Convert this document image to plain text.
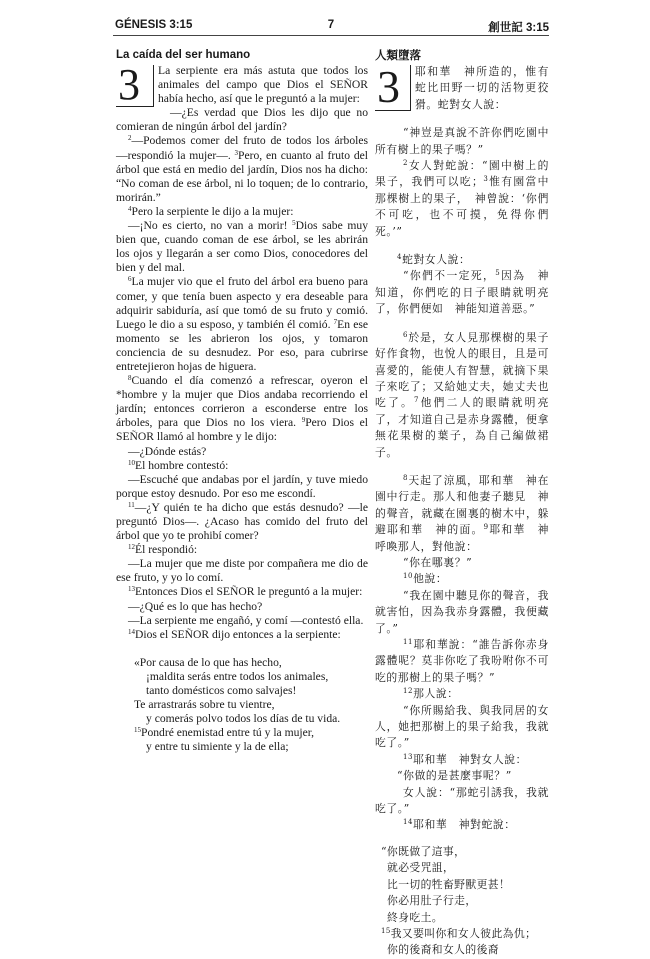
GÉNESIS 3:15	7	創世記 3:15
La caída del ser humano
3	La serpiente era más astuta que todos los animales del campo que Dios el SEÑOR había hecho, así que le preguntó a la mujer:

—¿Es verdad que Dios les dijo que no comieran de ningún árbol del jardín?

$^2$—Podemos comer del fruto de todos los árboles —respondió la mujer—. $^3$Pero, en cuanto al fruto del árbol que está en medio del jardín, Dios nos ha dicho: “No coman de ese árbol, ni lo toquen; de lo contrario, morirán.”

$^4$Pero la serpiente le dijo a la mujer:

—¡No es cierto, no van a morir! $^5$Dios sabe muy bien que, cuando coman de ese árbol, se les abrirán los ojos y llegarán a ser como Dios, conocedores del bien y del mal.

$^6$La mujer vio que el fruto del árbol era bueno para comer, y que tenía buen aspecto y era deseable para adquirir sabiduría, así que tomó de su fruto y comió. Luego le dio a su esposo, y también él comió. $^7$En ese momento se les abrieron los ojos, y tomaron conciencia de su desnudez. Por eso, para cubrirse entretejieron hojas de higuera.

$^8$Cuando el día comenzó a refrescar, oyeron el *hombre y la mujer que Dios andaba recorriendo el jardín; entonces corrieron a esconderse entre los árboles, para que Dios no los viera. $^9$Pero Dios el SEÑOR llamó al hombre y le dijo:

—¿Dónde estás?

$^{10}$El hombre contestó:

—Escuché que andabas por el jardín, y tuve miedo porque estoy desnudo. Por eso me escondí.

$^{11}$—¿Y quién te ha dicho que estás desnudo? —le preguntó Dios—. ¿Acaso has comido del fruto del árbol que yo te prohibí comer?

$^{12}$Él respondió:

—La mujer que me diste por compañera me dio de ese fruto, y yo lo comí.

$^{13}$Entonces Dios el SEÑOR le preguntó a la mujer:

—¿Qué es lo que has hecho?

—La serpiente me engañó, y comí —contestó ella.

$^{14}$Dios el SEÑOR dijo entonces a la serpiente:

«Por causa de lo que has hecho,
¡maldita serás entre todos los animales,
tanto domésticos como salvajes!
Te arrastrarás sobre tu vientre,
y comerás polvo todos los días de tu vida.
$^{15}$Pondré enemistad entre tú y la mujer,
y entre tu simiente y la de ella;
人類墮落
3	耶和華　神所造的，惟有蛇比田野一切的活物更狡猾。蛇對女人說：

“神豈是真說不許你們吃園中所有樹上的果子嗎？”

$^2$女人對蛇說：“園中樹上的果子，我們可以吃；$^3$惟有園當中那棵樹上的果子，　神曾說：‘你們不可吃，也不可摸，免得你們死。’”

$^4$蛇對女人說：

“你們不一定死，$^5$因為　神知道，你們吃的日子眼睛就明亮了，你們便如　神能知道善惡。”

$^6$於是，女人見那棵樹的果子好作食物，也悅人的眼目，且是可喜愛的，能使人有智慧，就摘下果子來吃了；又給她丈夫，她丈夫也吃了。$^7$他們二人的眼睛就明亮了，才知道自己是赤身露體，便拿無花果樹的葉子，為自己編做裙子。

$^8$天起了涼風，耶和華　神在園中行走。那人和他妻子聽見　神的聲音，就藏在園裏的樹木中，躲避耶和華　神的面。$^9$耶和華　神呼喚那人，對他說：

“你在哪裏？”

$^{10}$他說：

“我在園中聽見你的聲音，我就害怕，因為我赤身露體，我便藏了。”

$^{11}$耶和華說：“誰告訴你赤身露體呢？莫非你吃了我吩咐你不可吃的那樹上的果子嗎？”

$^{12}$那人說：

“你所賜給我、與我同居的女人，她把那樹上的果子給我，我就吃了。”

$^{13}$耶和華　神對女人說：

“你做的是甚麼事呢？”

女人說：“那蛇引誘我，我就吃了。”

$^{14}$耶和華　神對蛇說：

“你既做了這事，
就必受咒詛，
比一切的牲畜野獸更甚！
你必用肚子行走，
終身吃土。
$^{15}$我又要叫你和女人彼此為仇；
你的後裔和女人的後裔
